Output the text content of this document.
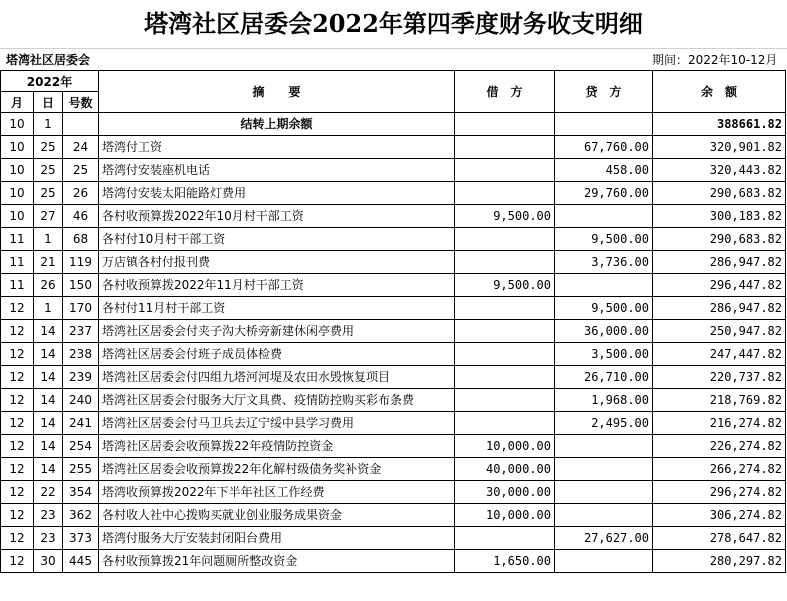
塔湾社区居委会2022年第四季度财务收支明细
塔湾社区居委会	期间：2022年10-12月
2022年			摘　　要	借　方	贷　方	余　额
月	日	号数				
10	1		结转上期余额			388661.82
10	25	24	塔湾付工资		67,760.00	320,901.82
10	25	25	塔湾付安装座机电话		458.00	320,443.82
10	25	26	塔湾付安装太阳能路灯费用		29,760.00	290,683.82
10	27	46	各村收预算拨2022年10月村干部工资	9,500.00		300,183.82
11	1	68	各村付10月村干部工资		9,500.00	290,683.82
11	21	119	万店镇各村付报刊费		3,736.00	286,947.82
11	26	150	各村收预算拨2022年11月村干部工资	9,500.00		296,447.82
12	1	170	各村付11月村干部工资		9,500.00	286,947.82
12	14	237	塔湾社区居委会付夹子沟大桥旁新建休闲亭费用		36,000.00	250,947.82
12	14	238	塔湾社区居委会付班子成员体检费		3,500.00	247,447.82
12	14	239	塔湾社区居委会付四组九塔河河堤及农田水毁恢复项目		26,710.00	220,737.82
12	14	240	塔湾社区居委会付服务大厅文具费、疫情防控购买彩布条费		1,968.00	218,769.82
12	14	241	塔湾社区居委会付马卫兵去辽宁绥中县学习费用		2,495.00	216,274.82
12	14	254	塔湾社区居委会收预算拨22年疫情防控资金	10,000.00		226,274.82
12	14	255	塔湾社区居委会收预算拨22年化解村级债务奖补资金	40,000.00		266,274.82
12	22	354	塔湾收预算拨2022年下半年社区工作经费	30,000.00		296,274.82
12	23	362	各村收人社中心拨购买就业创业服务成果资金	10,000.00		306,274.82
12	23	373	塔湾付服务大厅安装封闭阳台费用		27,627.00	278,647.82
12	30	445	各村收预算拨21年问题厕所整改资金	1,650.00		280,297.82
